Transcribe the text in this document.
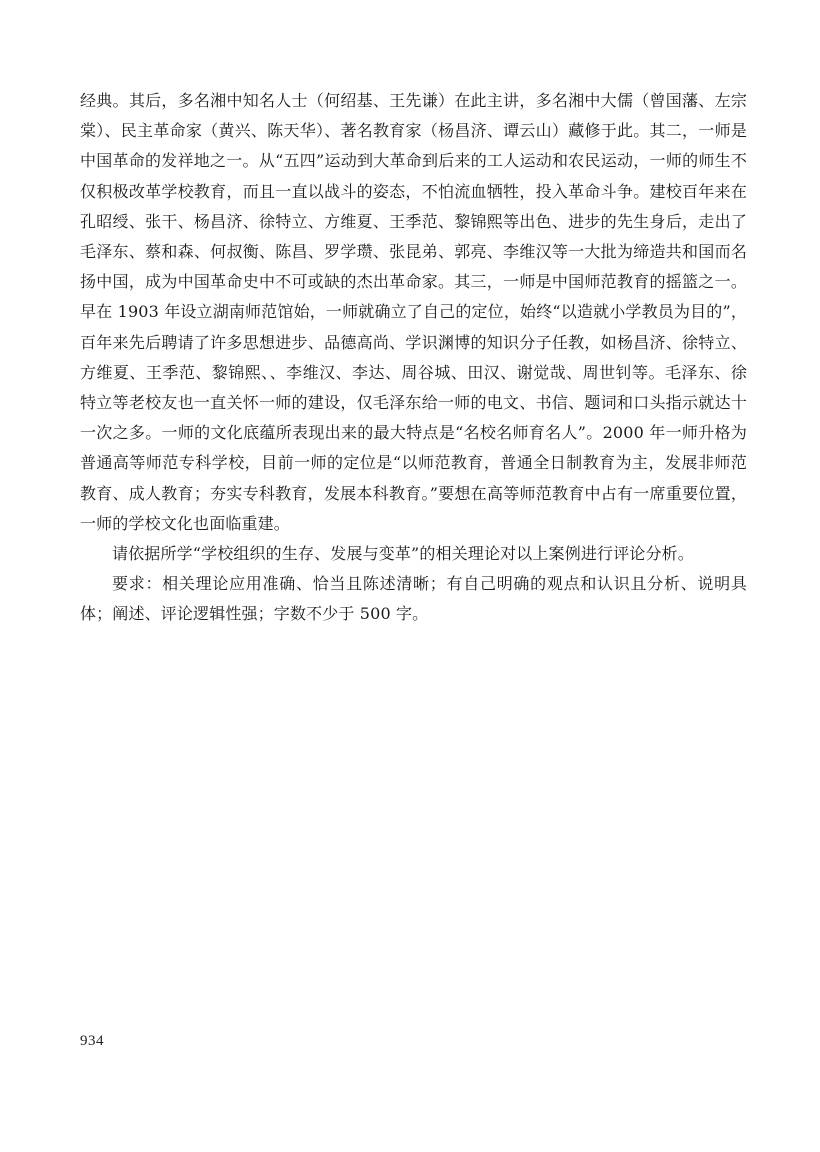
经典。其后，多名湘中知名人士（何绍基、王先谦）在此主讲，多名湘中大儒（曾国藩、左宗棠）、民主革命家（黄兴、陈天华）、著名教育家（杨昌济、谭云山）藏修于此。其二，一师是中国革命的发祥地之一。从“五四”运动到大革命到后来的工人运动和农民运动，一师的师生不仅积极改革学校教育，而且一直以战斗的姿态，不怕流血牺牲，投入革命斗争。建校百年来在孔昭绶、张干、杨昌济、徐特立、方维夏、王季范、黎锦熙等出色、进步的先生身后，走出了毛泽东、蔡和森、何叔衡、陈昌、罗学瓒、张昆弟、郭亮、李维汉等一大批为缔造共和国而名扬中国，成为中国革命史中不可或缺的杰出革命家。其三，一师是中国师范教育的摇篮之一。早在 1903 年设立湖南师范馆始，一师就确立了自己的定位，始终“以造就小学教员为目的”，百年来先后聘请了许多思想进步、品德高尚、学识渊博的知识分子任教，如杨昌济、徐特立、方维夏、王季范、黎锦熙、、李维汉、李达、周谷城、田汉、谢觉哉、周世钊等。毛泽东、徐特立等老校友也一直关怀一师的建设，仅毛泽东给一师的电文、书信、题词和口头指示就达十一次之多。一师的文化底蕴所表现出来的最大特点是“名校名师育名人”。2000 年一师升格为普通高等师范专科学校，目前一师的定位是“以师范教育，普通全日制教育为主，发展非师范教育、成人教育；夯实专科教育，发展本科教育。”要想在高等师范教育中占有一席重要位置，一师的学校文化也面临重建。

请依据所学“学校组织的生存、发展与变革”的相关理论对以上案例进行评论分析。

要求：相关理论应用准确、恰当且陈述清晰；有自己明确的观点和认识且分析、说明具体；阐述、评论逻辑性强；字数不少于 500 字。

934
